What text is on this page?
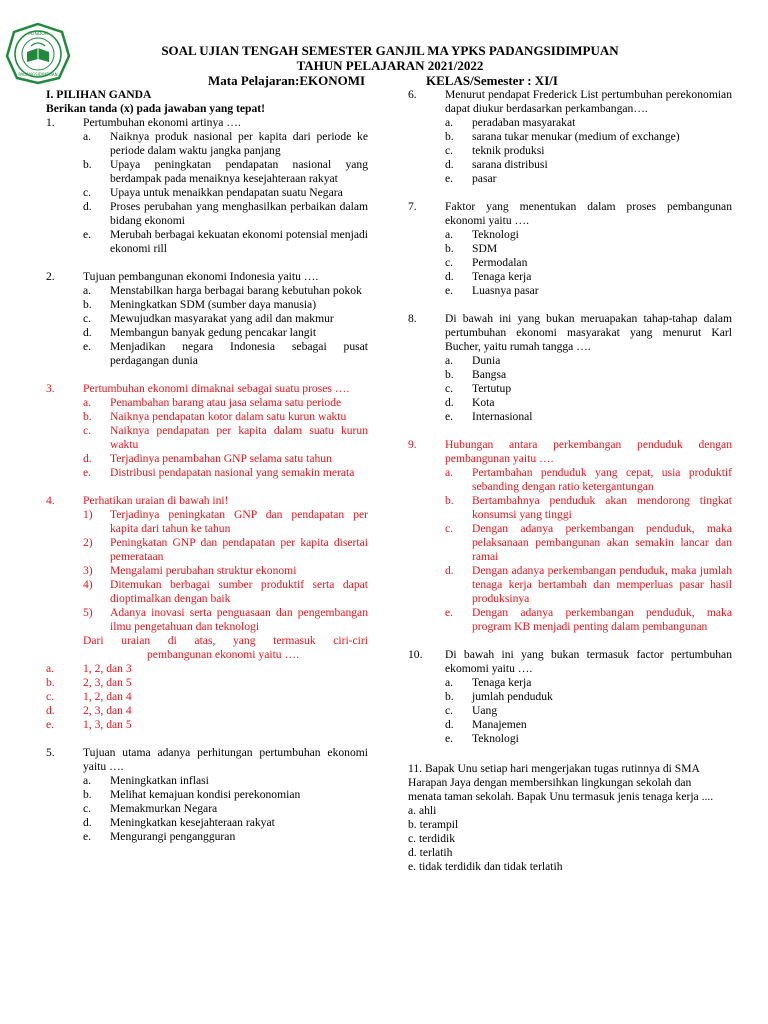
PONDOK
PADANGSIDIMPUAN
SOAL UJIAN TENGAH SEMESTER GANJIL MA YPKS PADANGSIDIMPUAN
TAHUN PELAJARAN 2021/2022
Mata Pelajaran:EKONOMI	KELAS/Semester : XI/I
I. PILIHAN GANDA
Berikan tanda (x) pada jawaban yang tepat!
1. Pertumbuhan ekonomi artinya ….
a. Naiknya produk nasional per kapita dari periode ke periode dalam waktu jangka panjang
b. Upaya peningkatan pendapatan nasional yang berdampak pada menaiknya kesejahteraan rakyat
c. Upaya untuk menaikkan pendapatan suatu Negara
d. Proses perubahan yang menghasilkan perbaikan dalam bidang ekonomi
e. Merubah berbagai kekuatan ekonomi potensial menjadi ekonomi rill
2. Tujuan pembangunan ekonomi Indonesia yaitu ….
a. Menstabilkan harga berbagai barang kebutuhan pokok
b. Meningkatkan SDM (sumber daya manusia)
c. Mewujudkan masyarakat yang adil dan makmur
d. Membangun banyak gedung pencakar langit
e. Menjadikan negara Indonesia sebagai pusat perdagangan dunia
3. Pertumbuhan ekonomi dimaknai sebagai suatu proses ….
a. Penambahan barang atau jasa selama satu periode
b. Naiknya pendapatan kotor dalam satu kurun waktu
c. Naiknya pendapatan per kapita dalam suatu kurun waktu
d. Terjadinya penambahan GNP selama satu tahun
e. Distribusi pendapatan nasional yang semakin merata
4. Perhatikan uraian di bawah ini!
1) Terjadinya peningkatan GNP dan pendapatan per kapita dari tahun ke tahun
2) Peningkatan GNP dan pendapatan per kapita disertai pemerataan
3) Mengalami perubahan struktur ekonomi
4) Ditemukan berbagai sumber produktif serta dapat dioptimalkan dengan baik
5) Adanya inovasi serta penguasaan dan pengembangan ilmu pengetahuan dan teknologi
Dari uraian di atas, yang termasuk ciri-ciri
pembangunan ekonomi yaitu ….
a. 1, 2, dan 3
b. 2, 3, dan 5
c. 1, 2, dan 4
d. 2, 3, dan 4
e. 1, 3, dan 5
5. Tujuan utama adanya perhitungan pertumbuhan ekonomi yaitu ….
a. Meningkatkan inflasi
b. Melihat kemajuan kondisi perekonomian
c. Memakmurkan Negara
d. Meningkatkan kesejahteraan rakyat
e. Mengurangi pengangguran
6. Menurut pendapat Frederick List pertumbuhan perekonomian dapat diukur berdasarkan perkambangan….
a. peradaban masyarakat
b. sarana tukar menukar (medium of exchange)
c. teknik produksi
d. sarana distribusi
e. pasar
7. Faktor yang menentukan dalam proses pembangunan ekonomi yaitu ….
a. Teknologi
b. SDM
c. Permodalan
d. Tenaga kerja
e. Luasnya pasar
8. Di bawah ini yang bukan meruapakan tahap-tahap dalam pertumbuhan ekonomi masyarakat yang menurut Karl Bucher, yaitu rumah tangga ….
a. Dunia
b. Bangsa
c. Tertutup
d. Kota
e. Internasional
9. Hubungan antara perkembangan penduduk dengan pembangunan yaitu ….
a. Pertambahan penduduk yang cepat, usia produktif sebanding dengan ratio ketergantungan
b. Bertambahnya penduduk akan mendorong tingkat konsumsi yang tinggi
c. Dengan adanya perkembangan penduduk, maka pelaksanaan pembangunan akan semakin lancar dan ramai
d. Dengan adanya perkembangan penduduk, maka jumlah tenaga kerja bertambah dan memperluas pasar hasil produksinya
e. Dengan adanya perkembangan penduduk, maka program KB menjadi penting dalam pembangunan
10. Di bawah ini yang bukan termasuk factor pertumbuhan ekomomi yaitu ….
a. Tenaga kerja
b. jumlah penduduk
c. Uang
d. Manajemen
e. Teknologi
11. Bapak Unu setiap hari mengerjakan tugas rutinnya di SMA Harapan Jaya dengan membersihkan lingkungan sekolah dan menata taman sekolah. Bapak Unu termasuk jenis tenaga kerja ....
a. ahli
b. terampil
c. terdidik
d. terlatih
e. tidak terdidik dan tidak terlatih
